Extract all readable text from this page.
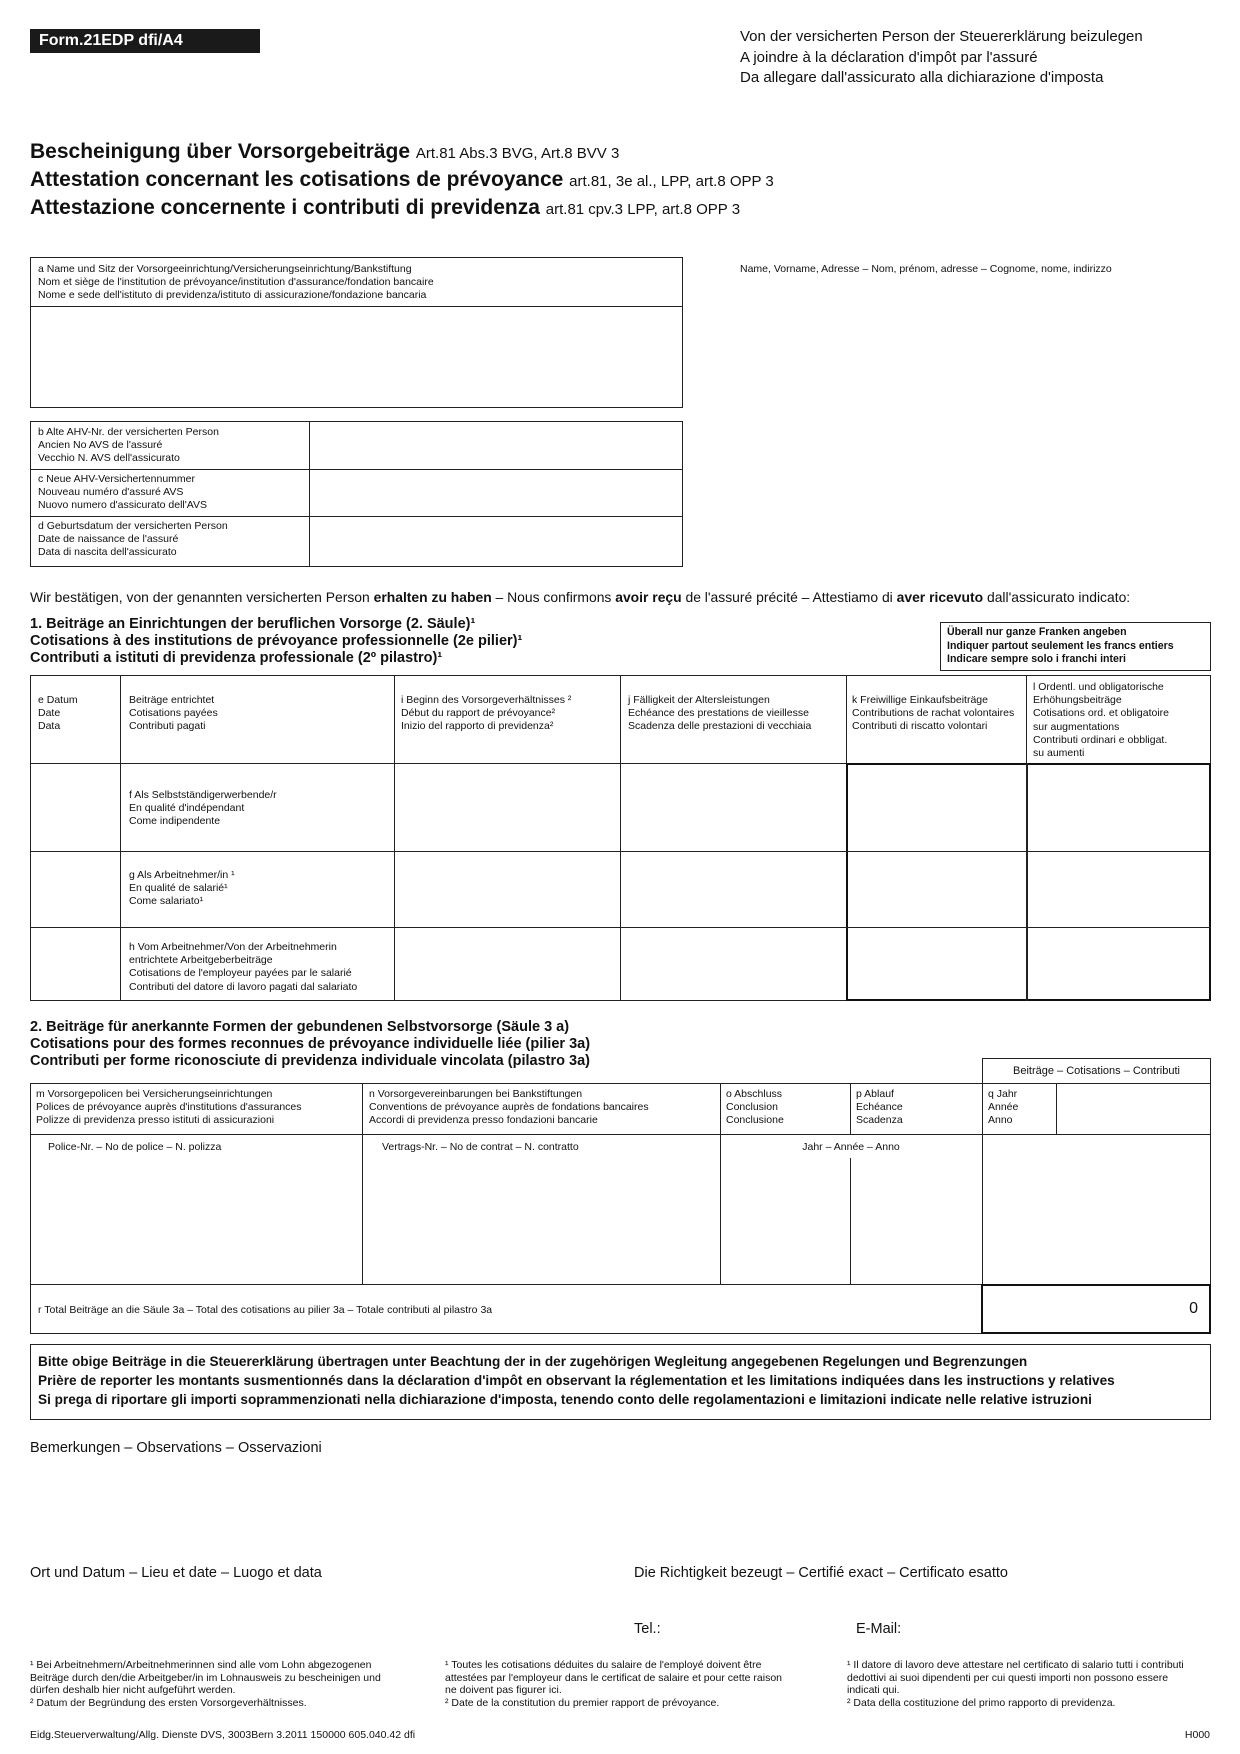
Form.21EDP dfi/A4	Von der versicherten Person der Steuererklärung beizulegen
A joindre à la déclaration d'impôt par l'assuré
Da allegare dall'assicurato alla dichiarazione d'imposta
Bescheinigung über Vorsorgebeiträge Art.81 Abs.3 BVG, Art.8 BVV 3
Attestation concernant les cotisations de prévoyance art.81, 3e al., LPP, art.8 OPP 3
Attestazione concernente i contributi di previdenza art.81 cpv.3 LPP, art.8 OPP 3
a Name und Sitz der Vorsorgeeinrichtung/Versicherungseinrichtung/Bankstiftung
Nom et siège de l'institution de prévoyance/institution d'assurance/fondation bancaire
Nome e sede dell'istituto di previdenza/istituto di assicurazione/fondazione bancaria
Name, Vorname, Adresse – Nom, prénom, adresse – Cognome, nome, indirizzo
b Alte AHV-Nr. der versicherten Person
Ancien No AVS de l'assuré
Vecchio N. AVS dell'assicurato
c Neue AHV-Versichertennummer
Nouveau numéro d'assuré AVS
Nuovo numero d'assicurato dell'AVS
d Geburtsdatum der versicherten Person
Date de naissance de l'assuré
Data di nascita dell'assicurato
Wir bestätigen, von der genannten versicherten Person erhalten zu haben – Nous confirmons avoir reçu de l'assuré précité – Attestiamo di aver ricevuto dall'assicurato indicato:
1. Beiträge an Einrichtungen der beruflichen Vorsorge (2. Säule)¹
Cotisations à des institutions de prévoyance professionnelle (2e pilier)¹
Contributi a istituti di previdenza professionale (2º pilastro)¹
Überall nur ganze Franken angeben
Indiquer partout seulement les francs entiers
Indicare sempre solo i franchi interi
e Datum
Date
Data
Beiträge entrichtet
Cotisations payées
Contributi pagati
i Beginn des Vorsorgeverhältnisses ²
Début du rapport de prévoyance²
Inizio del rapporto di previdenza²
j Fälligkeit der Altersleistungen
Echéance des prestations de vieillesse
Scadenza delle prestazioni di vecchiaia
k Freiwillige Einkaufsbeiträge
Contributions de rachat volontaires
Contributi di riscatto volontari
l Ordentl. und obligatorische
Erhöhungsbeiträge
Cotisations ord. et obligatoire
sur augmentations
Contributi ordinari e obbligat.
su aumenti
f Als Selbstständigerwerbende/r
En qualité d'indépendant
Come indipendente
g Als Arbeitnehmer/in ¹
En qualité de salarié¹
Come salariato¹
h Vom Arbeitnehmer/Von der Arbeitnehmerin
entrichtete Arbeitgeberbeiträge
Cotisations de l'employeur payées par le salarié
Contributi del datore di lavoro pagati dal salariato
2. Beiträge für anerkannte Formen der gebundenen Selbstvorsorge (Säule 3 a)
Cotisations pour des formes reconnues de prévoyance individuelle liée (pilier 3a)
Contributi per forme riconosciute di previdenza individuale vincolata (pilastro 3a)
Beiträge – Cotisations – Contributi
m Vorsorgepolicen bei Versicherungseinrichtungen
Polices de prévoyance auprès d'institutions d'assurances
Polizze di previdenza presso istituti di assicurazioni
n Vorsorgevereinbarungen bei Bankstiftungen
Conventions de prévoyance auprès de fondations bancaires
Accordi di previdenza presso fondazioni bancarie
o Abschluss
Conclusion
Conclusione
p Ablauf
Echéance
Scadenza
q Jahr
Année
Anno
Police-Nr. – No de police – N. polizza	Vertrags-Nr. – No de contrat – N. contratto	Jahr – Année – Anno
r Total Beiträge an die Säule 3a – Total des cotisations au pilier 3a – Totale contributi al pilastro 3a	0
Bitte obige Beiträge in die Steuererklärung übertragen unter Beachtung der in der zugehörigen Wegleitung angegebenen Regelungen und Begrenzungen
Prière de reporter les montants susmentionnés dans la déclaration d'impôt en observant la réglementation et les limitations indiquées dans les instructions y relatives
Si prega di riportare gli importi soprammenzionati nella dichiarazione d'imposta, tenendo conto delle regolamentazioni e limitazioni indicate nelle relative istruzioni
Bemerkungen – Observations – Osservazioni
Ort und Datum – Lieu et date – Luogo et data	Die Richtigkeit bezeugt – Certifié exact – Certificato esatto
Tel.:	E-Mail:
¹ Bei Arbeitnehmern/Arbeitnehmerinnen sind alle vom Lohn abgezogenen
Beiträge durch den/die Arbeitgeber/in im Lohnausweis zu bescheinigen und
dürfen deshalb hier nicht aufgeführt werden.
² Datum der Begründung des ersten Vorsorgeverhältnisses.
¹ Toutes les cotisations déduites du salaire de l'employé doivent être
attestées par l'employeur dans le certificat de salaire et pour cette raison
ne doivent pas figurer ici.
² Date de la constitution du premier rapport de prévoyance.
¹ Il datore di lavoro deve attestare nel certificato di salario tutti i contributi
dedottivi ai suoi dipendenti per cui questi importi non possono essere
indicati qui.
² Data della costituzione del primo rapporto di previdenza.
Eidg.Steuerverwaltung/Allg. Dienste DVS, 3003Bern 3.2011 150000 605.040.42 dfi	H000
